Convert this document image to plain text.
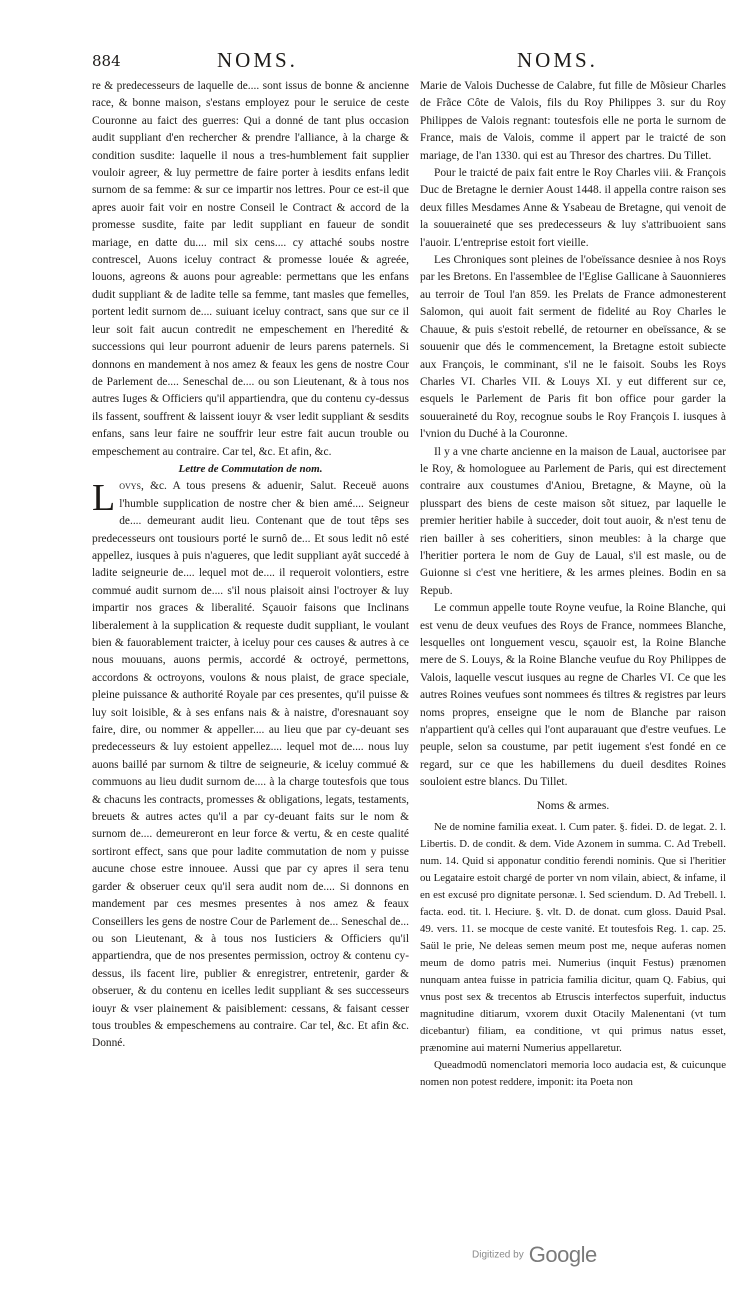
884	NOMS.	NOMS.

re & predecesseurs de laquelle de.... sont issus de bonne & ancienne race, & bonne maison, s'estans employez pour le seruice de ceste Couronne au faict des guerres: Qui a donné de tant plus occasion audit suppliant d'en rechercher & prendre l'alliance, à la charge & condition susdite: laquelle il nous a tres-humblement fait supplier vouloir agreer, & luy permettre de faire porter à iesdits enfans ledit surnom de sa femme: & sur ce impartir nos lettres. Pour ce est-il que apres auoir fait voir en nostre Conseil le Contract & accord de la promesse susdite, faite par ledit suppliant en faueur de sondit mariage, en datte du.... mil six cens.... cy attaché soubs nostre contrescel, Auons iceluy contract & promesse louée & agreée, louons, agreons & auons pour agreable: permettans que les enfans dudit suppliant & de ladite telle sa femme, tant masles que femelles, portent ledit surnom de.... suiuant iceluy contract, sans que sur ce il leur soit fait aucun contredit ne empeschement en l'heredité & successions qui leur pourront aduenir de leurs parens paternels. Si donnons en mandement à nos amez & feaux les gens de nostre Cour de Parlement de.... Seneschal de.... ou son Lieutenant, & à tous nos autres Iuges & Officiers qu'il appartiendra, que du contenu cy-dessus ils fassent, souffrent & laissent iouyr & vser ledit suppliant & sesdits enfans, sans leur faire ne souffrir leur estre fait aucun trouble ou empeschement au contraire. Car tel, &c. Et afin, &c.

Lettre de Commutation de nom.

Lovys, &c. A tous presens & aduenir, Salut. Receuë auons l'humble supplication de nostre cher & bien amé.... Seigneur de.... demeurant audit lieu. Contenant que de tout têps ses predecesseurs ont tousiours porté le surnô de... Et sous ledit nô esté appellez, iusques à puis n'agueres, que ledit suppliant ayât succedé à ladite seigneurie de.... lequel mot de.... il requeroit volontiers, estre commué audit surnom de.... s'il nous plaisoit ainsi l'octroyer & luy impartir nos graces & liberalité. Sçauoir faisons que Inclinans liberalement à la supplication & requeste dudit suppliant, le voulant bien & fauorablement traicter, à iceluy pour ces causes & autres à ce nous mouuans, auons permis, accordé & octroyé, permettons, accordons & octroyons, voulons & nous plaist, de grace speciale, pleine puissance & authorité Royale par ces presentes, qu'il puisse & luy soit loisible, & à ses enfans nais & à naistre, d'oresnauant soy faire, dire, ou nommer & appeller.... au lieu que par cy-deuant ses predecesseurs & luy estoient appellez.... lequel mot de.... nous luy auons baillé par surnom & tiltre de seigneurie, & iceluy commué & commuons au lieu dudit surnom de.... à la charge toutesfois que tous & chacuns les contracts, promesses & obligations, legats, testaments, breuets & autres actes qu'il a par cy-deuant faits sur le nom & surnom de.... demeureront en leur force & vertu, & en ceste qualité sortiront effect, sans que pour ladite commutation de nom y puisse aucune chose estre innouee. Aussi que par cy apres il sera tenu garder & obseruer ceux qu'il sera audit nom de.... Si donnons en mandement par ces mesmes presentes à nos amez & feaux Conseillers les gens de nostre Cour de Parlement de... Seneschal de... ou son Lieutenant, & à tous nos Iusticiers & Officiers qu'il appartiendra, que de nos presentes permission, octroy & contenu cy-dessus, ils facent lire, publier & enregistrer, entretenir, garder & obseruer, & du contenu en icelles ledit suppliant & ses successeurs iouyr & vser plainement & paisiblement: cessans, & faisant cesser tous troubles & empeschemens au contraire. Car tel, &c. Et afin &c. Donné.

Marie de Valois Duchesse de Calabre, fut fille de Mõsieur Charles de Frãce Côte de Valois, fils du Roy Philippes 3. sur du Roy Philippes de Valois regnant: toutesfois elle ne porta le surnom de France, mais de Valois, comme il appert par le traicté de son mariage, de l'an 1330. qui est au Thresor des chartres. Du Tillet.

Pour le traicté de paix fait entre le Roy Charles viii. & François Duc de Bretagne le dernier Aoust 1448. il appella contre raison ses deux filles Mesdames Anne & Ysabeau de Bretagne, qui venoit de la souueraineté que ses predecesseurs & luy s'attribuoient sans l'auoir. L'entreprise estoit fort vieille.

Les Chroniques sont pleines de l'obeïssance desniee à nos Roys par les Bretons. En l'assemblee de l'Eglise Gallicane à Sauonnieres au terroir de Toul l'an 859. les Prelats de France admonesterent Salomon, qui auoit fait serment de fidelité au Roy Charles le Chauue, & puis s'estoit rebellé, de retourner en obeïssance, & se souuenir que dés le commencement, la Bretagne estoit subiecte aux François, le comminant, s'il ne le faisoit. Soubs les Roys Charles VI. Charles VII. & Louys XI. y eut different sur ce, esquels le Parlement de Paris fit bon office pour garder la souueraineté du Roy, recognue soubs le Roy François I. iusques à l'vnion du Duché à la Couronne.

Il y a vne charte ancienne en la maison de Laual, auctorisee par le Roy, & homologuee au Parlement de Paris, qui est directement contraire aux coustumes d'Aniou, Bretagne, & Mayne, où la plusspart des biens de ceste maison sõt situez, par laquelle le premier heritier habile à succeder, doit tout auoir, & n'est tenu de rien bailler à ses coheritiers, sinon meubles: à la charge que l'heritier portera le nom de Guy de Laual, s'il est masle, ou de Guionne si c'est vne heritiere, & les armes pleines. Bodin en sa Repub.

Le commun appelle toute Royne veufue, la Roine Blanche, qui est venu de deux veufues des Roys de France, nommees Blanche, lesquelles ont longuement vescu, sçauoir est, la Roine Blanche mere de S. Louys, & la Roine Blanche veufue du Roy Philippes de Valois, laquelle vescut iusques au regne de Charles VI. Ce que les autres Roines veufues sont nommees és tiltres & registres par leurs noms propres, enseigne que le nom de Blanche par raison n'appartient qu'à celles qui l'ont auparauant que d'estre veufues. Le peuple, selon sa coustume, par petit iugement s'est fondé en ce regard, sur ce que les habillemens du dueil desdites Roines souloient estre blancs. Du Tillet.

Noms & armes.

Ne de nomine familia exeat. l. Cum pater. §. fidei. D. de legat. 2. l. Libertis. D. de condit. & dem. Vide Azonem in summa. C. Ad Trebell. num. 14. Quid si apponatur conditio ferendi nominis. Que si l'heritier ou Legataire estoit chargé de porter vn nom vilain, abiect, & infame, il en est excusé pro dignitate personæ. l. Sed sciendum. D. Ad Trebell. l. facta. eod. tit. l. Heciure. §. vlt. D. de donat. cum gloss. Dauid Psal. 49. vers. 11. se mocque de ceste vanité. Et toutesfois Reg. 1. cap. 25. Saül le prie, Ne deleas semen meum post me, neque auferas nomen meum de domo patris mei. Numerius (inquit Festus) prænomen nunquam antea fuisse in patricia familia dicitur, quam Q. Fabius, qui vnus post sex & trecentos ab Etruscis interfectos superfuit, inductus magnitudine ditiarum, vxorem duxit Otacily Malenentani (vt tum dicebantur) filiam, ea conditione, vt qui primus natus esset, prænomine aui materni Numerius appellaretur.

Queadmodũ nomenclatori memoria loco audacia est, & cuicunque nomen non potest reddere, imponit: ita Poeta non

Digitized by Google
